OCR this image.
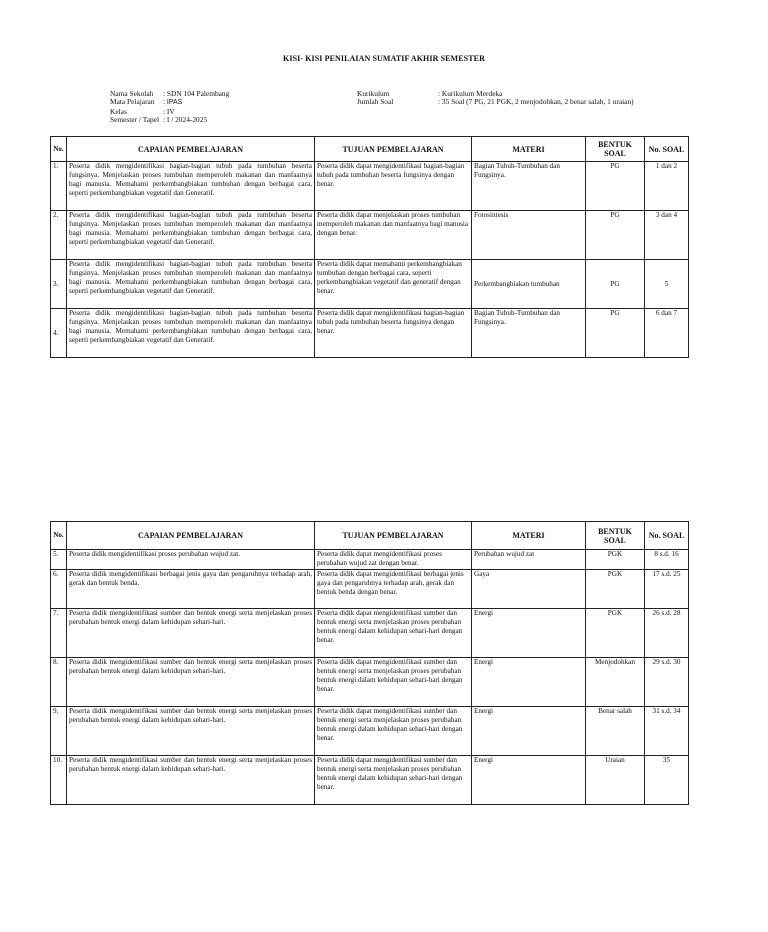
KISI- KISI PENILAIAN SUMATIF AKHIR SEMESTER
Nama Sekolah : SDN 104 Palembang
Mata Pelajaran : IPAS
Kelas	: IV
Semester / Tapel : I / 2024-2025
Kurikulum	: Kurikulum Merdeka
Jumlah Soal	: 35 Soal (7 PG, 21 PGK, 2 menjodohkan, 2 benar salah, 1 uraian)
No.	CAPAIAN PEMBELAJARAN	TUJUAN PEMBELAJARAN	MATERI	BENTUK SOAL	No. SOAL
1.	Peserta didik mengidentifikasi bagian-bagian tubuh pada tumbuhan beserta fungsinya. Menjelaskan proses tumbuhan memperoleh makanan dan manfaatnya bagi manusia. Memahami perkembangbiakan tumbuhan dengan berbagai cara, seperti perkembangbiakan vegetatif dan Generatif.	Peserta didik dapat mengidentifikasi bagian-bagian tubuh pada tumbuhan beserta fungsinya dengan benar.	Bagian Tubuh-Tumbuhan dan Fungsinya.	PG	1 dan 2
2.	Peserta didik mengidentifikasi bagian-bagian tubuh pada tumbuhan beserta fungsinya. Menjelaskan proses tumbuhan memperoleh makanan dan manfaatnya bagi manusia. Memahami perkembangbiakan tumbuhan dengan berbagai cara, seperti perkembangbiakan vegetatif dan Generatif.	Peserta didik dapat menjelaskan proses tumbuhan memperoleh makanan dan manfaatnya bagi manusia dengan benar.	Fotosintesis	PG	3 dan 4
3.	Peserta didik mengidentifikasi bagian-bagian tubuh pada tumbuhan beserta fungsinya. Menjelaskan proses tumbuhan memperoleh makanan dan manfaatnya bagi manusia. Memahami perkembangbiakan tumbuhan dengan berbagai cara, seperti perkembangbiakan vegetatif dan Generatif.	Peserta didik dapat memahami perkembangbiakan tumbuhan dengan berbagai cara, seperti perkembangbiakan vegetatif dan generatif dengan benar.	Perkembangbiakan tumbuhan	PG	5
4.	Peserta didik mengidentifikasi bagian-bagian tubuh pada tumbuhan beserta fungsinya. Menjelaskan proses tumbuhan memperoleh makanan dan manfaatnya bagi manusia. Memahami perkembangbiakan tumbuhan dengan berbagai cara, seperti perkembangbiakan vegetatif dan Generatif.	Peserta didik dapat mengidentifikasi bagian-bagian tubuh pada tumbuhan beserta fungsinya dengan benar.	Bagian Tubuh-Tumbuhan dan Fungsinya.	PG	6 dan 7
No.	CAPAIAN PEMBELAJARAN	TUJUAN PEMBELAJARAN	MATERI	BENTUK SOAL	No. SOAL
5.	Peserta didik mengidentifikasi proses perubahan wujud zat.	Peserta didik dapat mengidentifikasi proses perubahan wujud zat dengan benar.	Perubahan wujud zat	PGK	8 s.d. 16
6.	Peserta didik mengidentifikasi berbagai jenis gaya dan pengaruhnya terhadap arah, gerak dan bentuk benda.	Peserta didik dapat mengidentifikasi berbagai jenis gaya dan pengaruhnya terhadap arah, gerak dan bentuk benda dengan benar.	Gaya	PGK	17 s.d. 25
7.	Peserta didik mengidentifikasi sumber dan bentuk energi serta menjelaskan proses perubahan bentuk energi dalam kehidupan sehari-hari.	Peserta didik dapat mengidentifikasi sumber dan bentuk energi serta menjelaskan proses perubahan bentuk energi dalam kehidupan sehari-hari dengan benar.	Energi	PGK	26 s.d. 28
8.	Peserta didik mengidentifikasi sumber dan bentuk energi serta menjelaskan proses perubahan bentuk energi dalam kehidupan sehari-hari.	Peserta didik dapat mengidentifikasi sumber dan bentuk energi serta menjelaskan proses perubahan bentuk energi dalam kehidupan sehari-hari dengan benar.	Energi	Menjodohkan	29 s.d. 30
9.	Peserta didik mengidentifikasi sumber dan bentuk energi serta menjelaskan proses perubahan bentuk energi dalam kehidupan sehari-hari.	Peserta didik dapat mengidentifikasi sumber dan bentuk energi serta menjelaskan proses perubahan bentuk energi dalam kehidupan sehari-hari dengan benar.	Energi	Benar salah	31 s.d. 34
10.	Peserta didik mengidentifikasi sumber dan bentuk energi serta menjelaskan proses perubahan bentuk energi dalam kehidupan sehari-hari.	Peserta didik dapat mengidentifikasi sumber dan bentuk energi serta menjelaskan proses perubahan bentuk energi dalam kehidupan sehari-hari dengan benar.	Energi	Uraian	35
